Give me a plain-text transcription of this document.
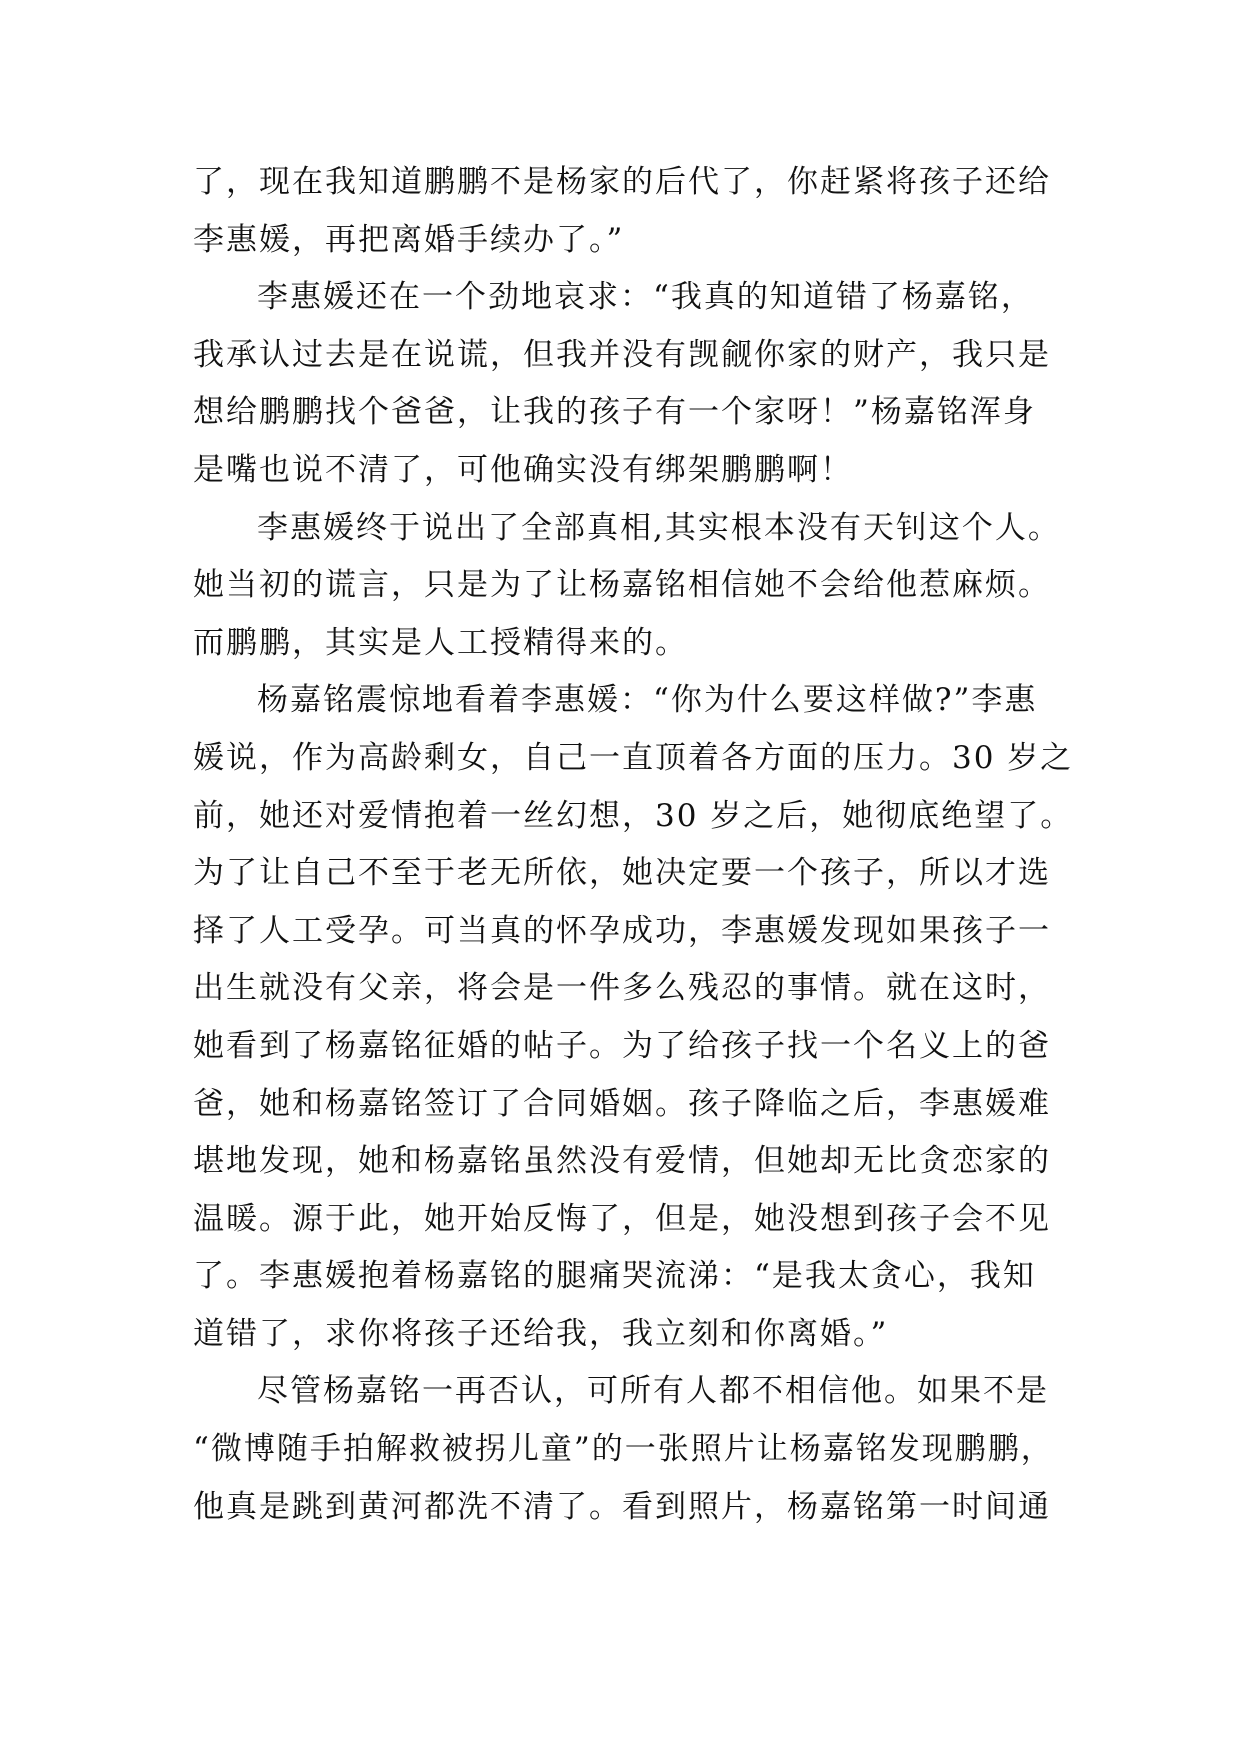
了，现在我知道鹏鹏不是杨家的后代了，你赶紧将孩子还给
李惠媛，再把离婚手续办了。”
李惠媛还在一个劲地哀求：“我真的知道错了杨嘉铭，
我承认过去是在说谎，但我并没有觊觎你家的财产，我只是
想给鹏鹏找个爸爸，让我的孩子有一个家呀！”杨嘉铭浑身
是嘴也说不清了，可他确实没有绑架鹏鹏啊！
李惠媛终于说出了全部真相,其实根本没有天钊这个人。
她当初的谎言，只是为了让杨嘉铭相信她不会给他惹麻烦。
而鹏鹏，其实是人工授精得来的。
杨嘉铭震惊地看着李惠媛：“你为什么要这样做?”李惠
媛说，作为高龄剩女，自己一直顶着各方面的压力。30 岁之
前，她还对爱情抱着一丝幻想，30 岁之后，她彻底绝望了。
为了让自己不至于老无所依，她决定要一个孩子，所以才选
择了人工受孕。可当真的怀孕成功，李惠媛发现如果孩子一
出生就没有父亲，将会是一件多么残忍的事情。就在这时，
她看到了杨嘉铭征婚的帖子。为了给孩子找一个名义上的爸
爸，她和杨嘉铭签订了合同婚姻。孩子降临之后，李惠媛难
堪地发现，她和杨嘉铭虽然没有爱情，但她却无比贪恋家的
温暖。源于此，她开始反悔了，但是，她没想到孩子会不见
了。李惠媛抱着杨嘉铭的腿痛哭流涕：“是我太贪心，我知
道错了，求你将孩子还给我，我立刻和你离婚。”
尽管杨嘉铭一再否认，可所有人都不相信他。如果不是
“微博随手拍解救被拐儿童”的一张照片让杨嘉铭发现鹏鹏，
他真是跳到黄河都洗不清了。看到照片，杨嘉铭第一时间通
